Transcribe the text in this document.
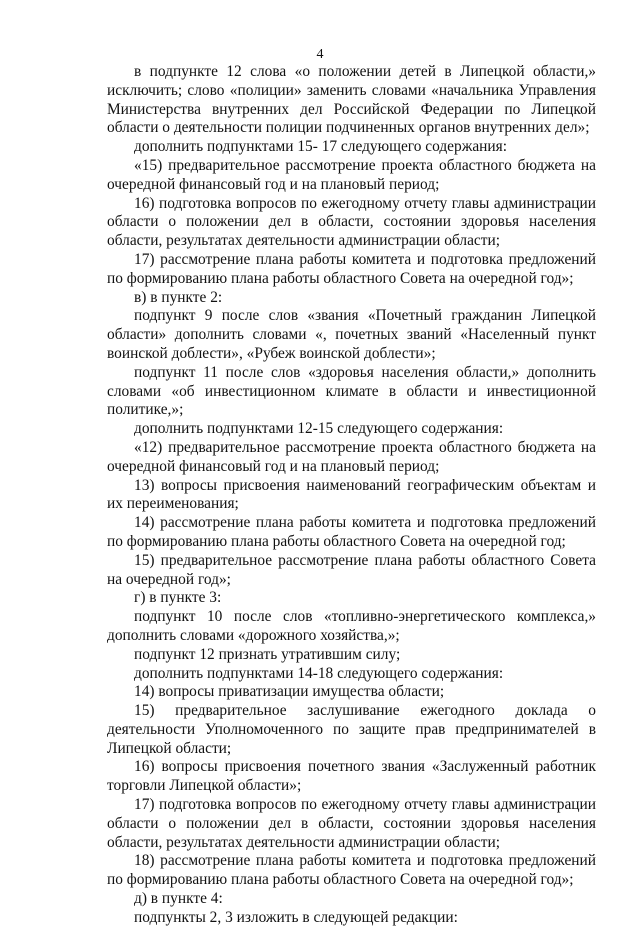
4

в подпункте 12 слова «о положении детей в Липецкой области,» исключить; слово «полиции» заменить словами «начальника Управления Министерства внутренних дел Российской Федерации по Липецкой области о деятельности полиции подчиненных органов внутренних дел»;

дополнить подпунктами 15- 17 следующего содержания:

«15) предварительное рассмотрение проекта областного бюджета на очередной финансовый год и на плановый период;

16) подготовка вопросов по ежегодному отчету главы администрации области о положении дел в области, состоянии здоровья населения области, результатах деятельности администрации области;

17) рассмотрение плана работы комитета и подготовка предложений по формированию плана работы областного Совета на очередной год»;

в) в пункте 2:

подпункт 9 после слов «звания «Почетный гражданин Липецкой области» дополнить словами «, почетных званий «Населенный пункт воинской доблести», «Рубеж воинской доблести»;

подпункт 11 после слов «здоровья населения области,» дополнить словами «об инвестиционном климате в области и инвестиционной политике,»;

дополнить подпунктами 12-15 следующего содержания:

«12) предварительное рассмотрение проекта областного бюджета на очередной финансовый год и на плановый период;

13) вопросы присвоения наименований географическим объектам и их переименования;

14) рассмотрение плана работы комитета и подготовка предложений по формированию плана работы областного Совета на очередной год;

15) предварительное рассмотрение плана работы областного Совета на очередной год»;

г) в пункте 3:

подпункт 10 после слов «топливно-энергетического комплекса,» дополнить словами «дорожного хозяйства,»;

подпункт 12 признать утратившим силу;

дополнить подпунктами 14-18 следующего содержания:

14) вопросы приватизации имущества области;

15) предварительное заслушивание ежегодного доклада о деятельности Уполномоченного по защите прав предпринимателей в Липецкой области;

16) вопросы присвоения почетного звания «Заслуженный работник торговли Липецкой области»;

17) подготовка вопросов по ежегодному отчету главы администрации области о положении дел в области, состоянии здоровья населения области, результатах деятельности администрации области;

18) рассмотрение плана работы комитета и подготовка предложений по формированию плана работы областного Совета на очередной год»;

д) в пункте 4:

подпункты 2, 3 изложить в следующей редакции:
